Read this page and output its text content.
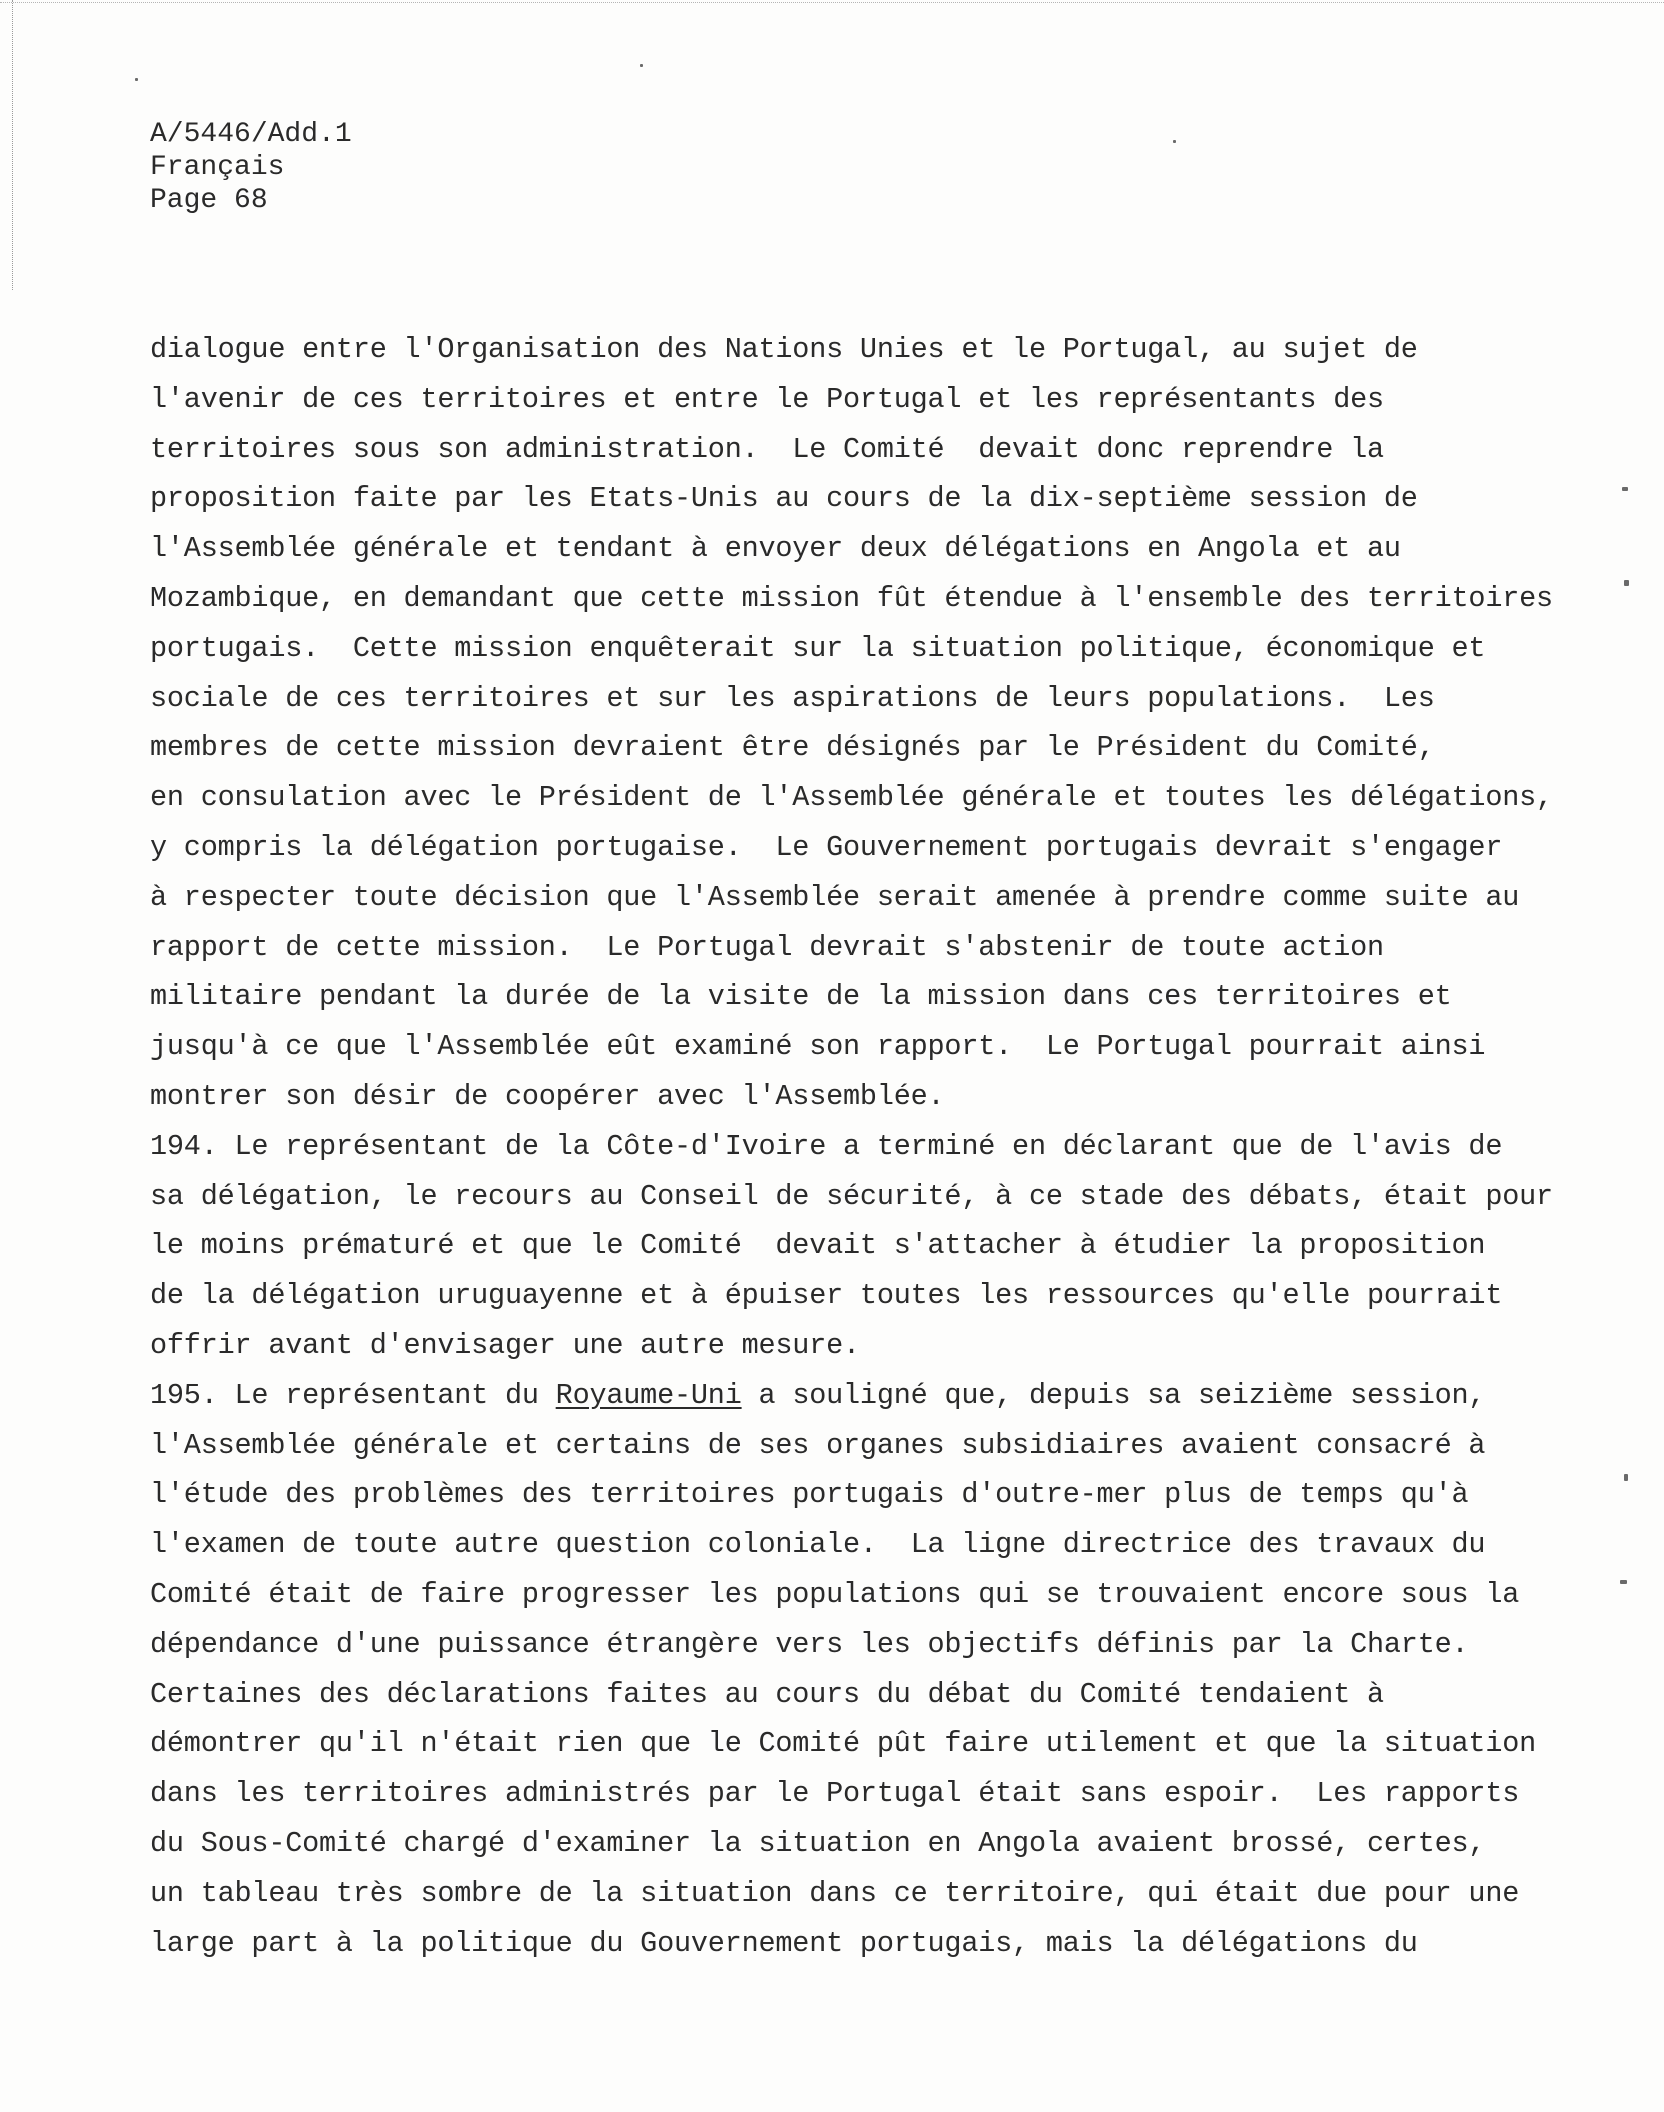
A/5446/Add.1
Français
Page 68
dialogue entre l'Organisation des Nations Unies et le Portugal, au sujet de
l'avenir de ces territoires et entre le Portugal et les représentants des
territoires sous son administration.  Le Comité  devait donc reprendre la
proposition faite par les Etats-Unis au cours de la dix-septième session de
l'Assemblée générale et tendant à envoyer deux délégations en Angola et au
Mozambique, en demandant que cette mission fût étendue à l'ensemble des territoires
portugais.  Cette mission enquêterait sur la situation politique, économique et
sociale de ces territoires et sur les aspirations de leurs populations.  Les
membres de cette mission devraient être désignés par le Président du Comité,
en consulation avec le Président de l'Assemblée générale et toutes les délégations,
y compris la délégation portugaise.  Le Gouvernement portugais devrait s'engager
à respecter toute décision que l'Assemblée serait amenée à prendre comme suite au
rapport de cette mission.  Le Portugal devrait s'abstenir de toute action
militaire pendant la durée de la visite de la mission dans ces territoires et
jusqu'à ce que l'Assemblée eût examiné son rapport.  Le Portugal pourrait ainsi
montrer son désir de coopérer avec l'Assemblée.
194. Le représentant de la Côte-d'Ivoire a terminé en déclarant que de l'avis de
sa délégation, le recours au Conseil de sécurité, à ce stade des débats, était pour
le moins prématuré et que le Comité  devait s'attacher à étudier la proposition
de la délégation uruguayenne et à épuiser toutes les ressources qu'elle pourrait
offrir avant d'envisager une autre mesure.
195. Le représentant du Royaume-Uni a souligné que, depuis sa seizième session,
l'Assemblée générale et certains de ses organes subsidiaires avaient consacré à
l'étude des problèmes des territoires portugais d'outre-mer plus de temps qu'à
l'examen de toute autre question coloniale.  La ligne directrice des travaux du
Comité était de faire progresser les populations qui se trouvaient encore sous la
dépendance d'une puissance étrangère vers les objectifs définis par la Charte.
Certaines des déclarations faites au cours du débat du Comité tendaient à
démontrer qu'il n'était rien que le Comité pût faire utilement et que la situation
dans les territoires administrés par le Portugal était sans espoir.  Les rapports
du Sous-Comité chargé d'examiner la situation en Angola avaient brossé, certes,
un tableau très sombre de la situation dans ce territoire, qui était due pour une
large part à la politique du Gouvernement portugais, mais la délégations du
